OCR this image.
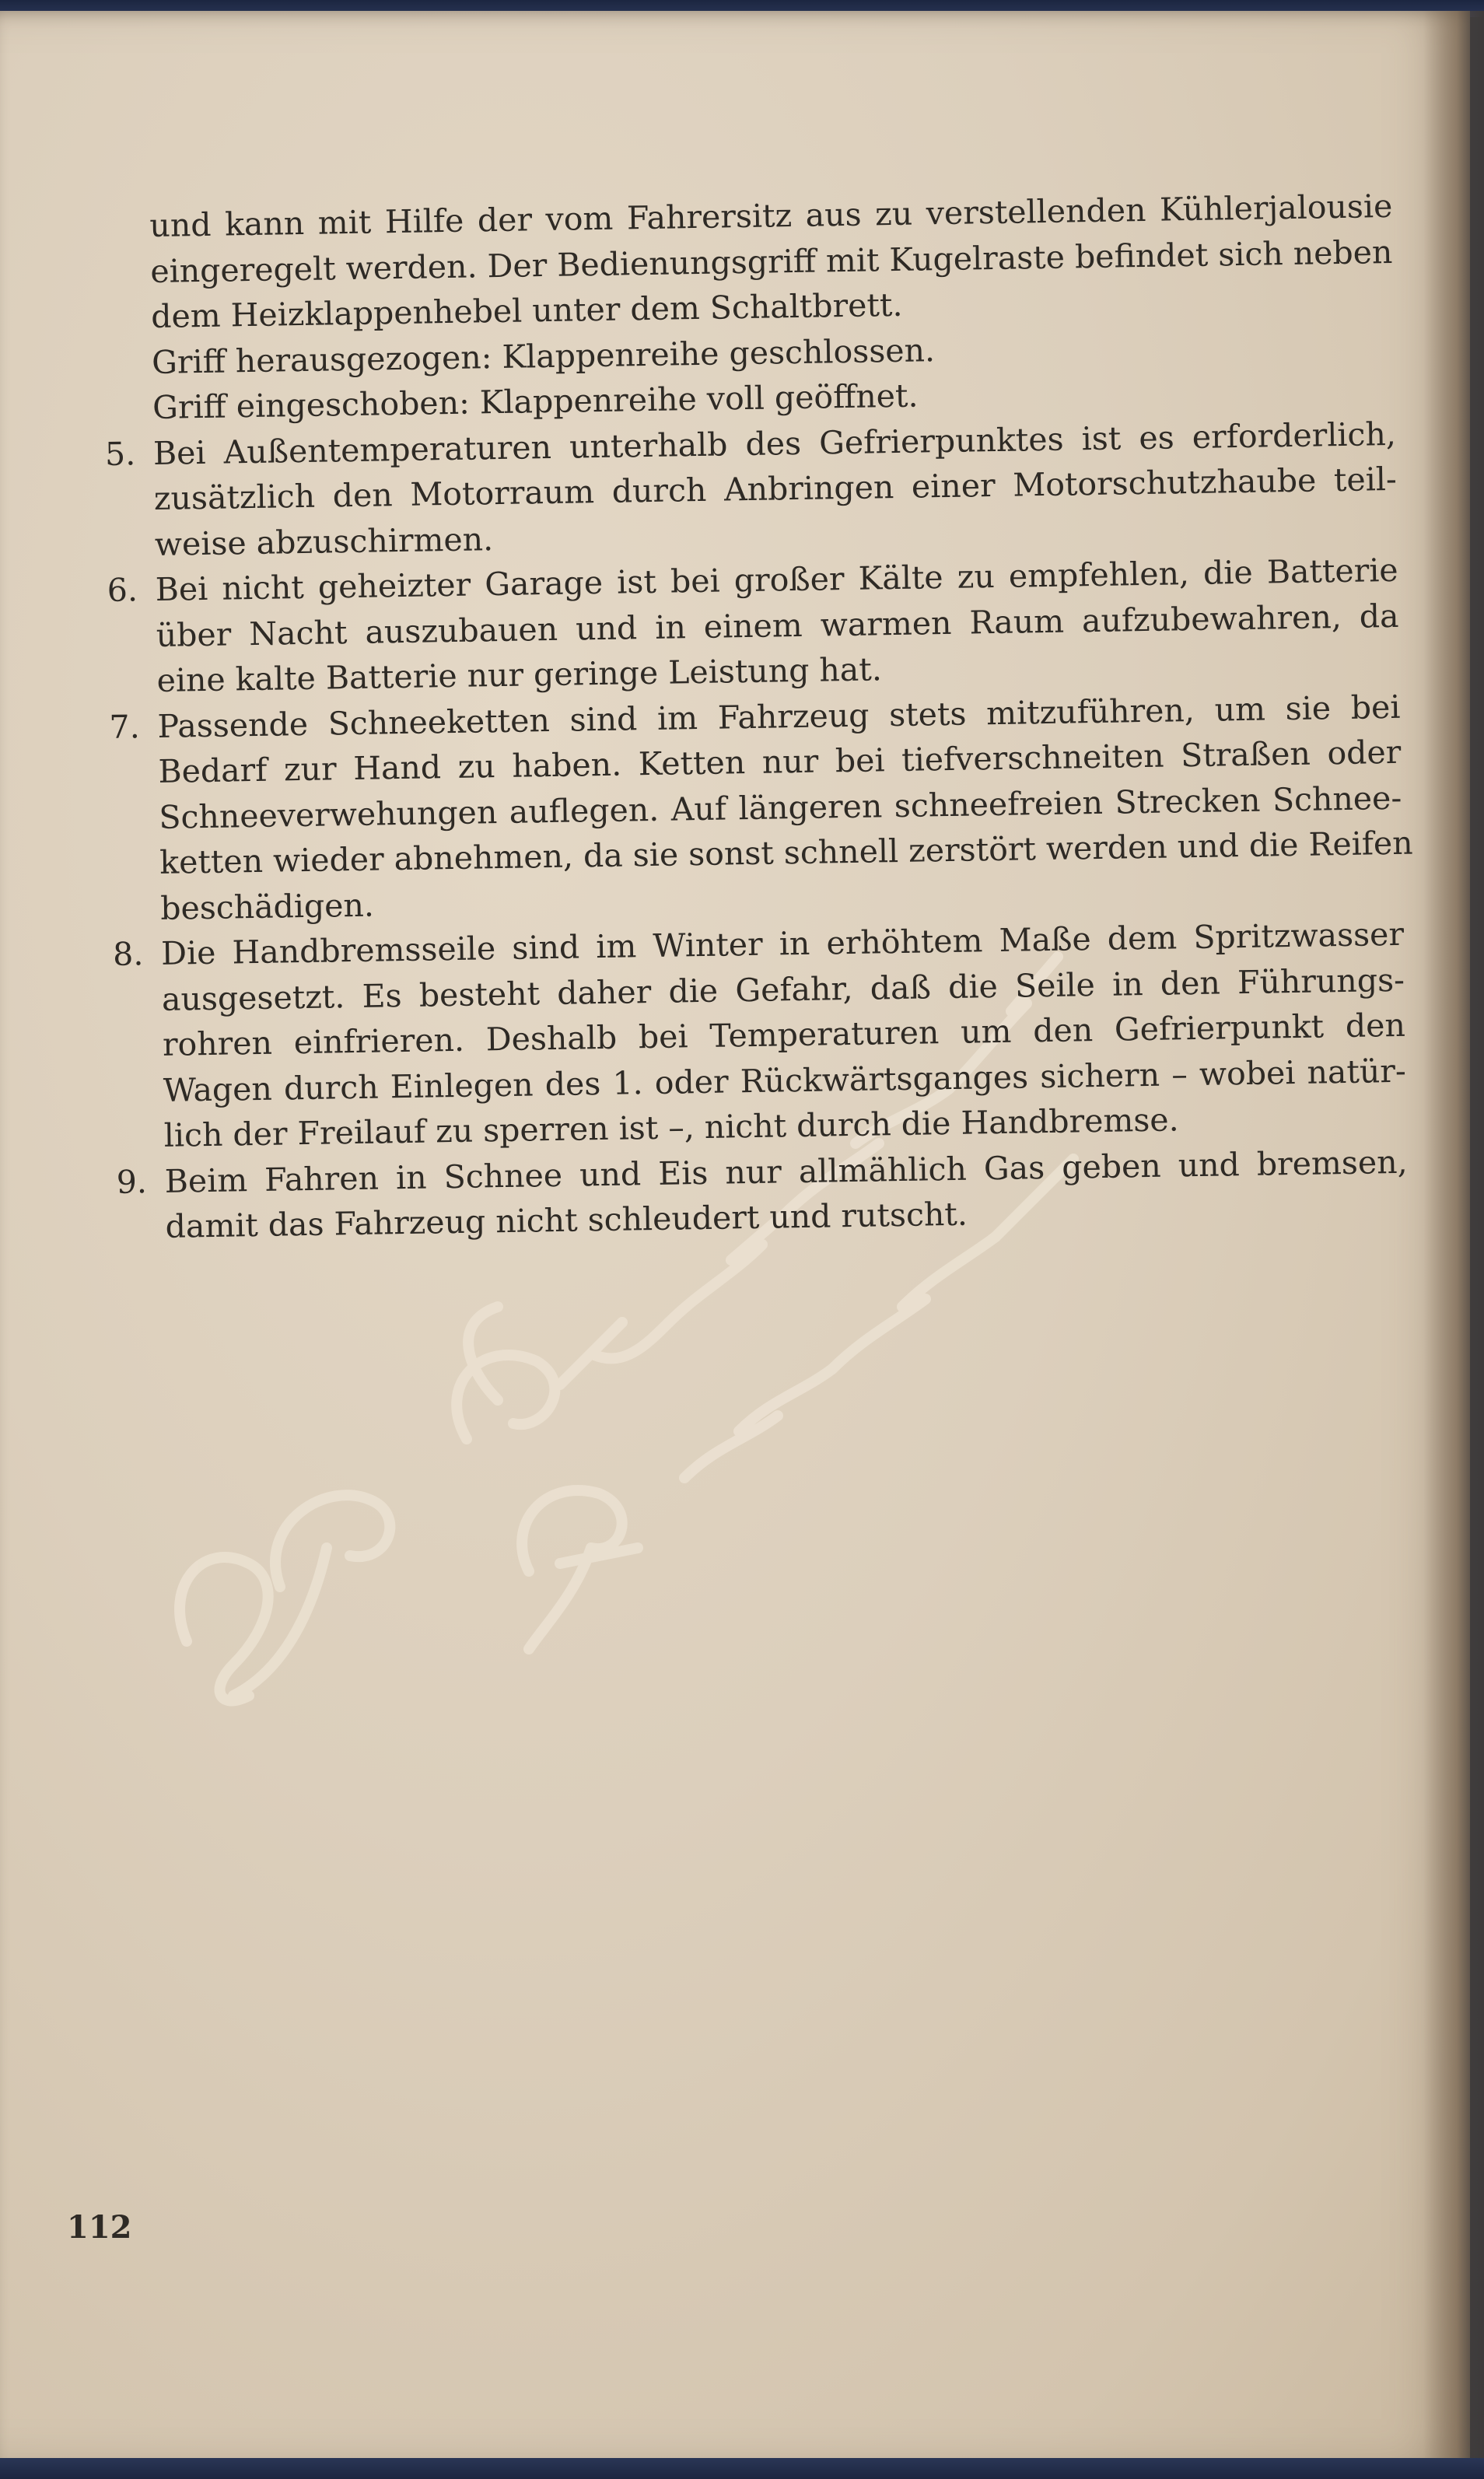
und kann mit Hilfe der vom Fahrersitz aus zu verstellenden Kühlerjalousie
eingeregelt werden. Der Bedienungsgriff mit Kugelraste befindet sich neben
dem Heizklappenhebel unter dem Schaltbrett.
Griff herausgezogen: Klappenreihe geschlossen.
Griff eingeschoben: Klappenreihe voll geöffnet.
5. Bei Außentemperaturen unterhalb des Gefrierpunktes ist es erforderlich,
zusätzlich den Motorraum durch Anbringen einer Motorschutzhaube teil-
weise abzuschirmen.
6. Bei nicht geheizter Garage ist bei großer Kälte zu empfehlen, die Batterie
über Nacht auszubauen und in einem warmen Raum aufzubewahren, da
eine kalte Batterie nur geringe Leistung hat.
7. Passende Schneeketten sind im Fahrzeug stets mitzuführen, um sie bei
Bedarf zur Hand zu haben. Ketten nur bei tiefverschneiten Straßen oder
Schneeverwehungen auflegen. Auf längeren schneefreien Strecken Schnee-
ketten wieder abnehmen, da sie sonst schnell zerstört werden und die Reifen
beschädigen.
8. Die Handbremsseile sind im Winter in erhöhtem Maße dem Spritzwasser
ausgesetzt. Es besteht daher die Gefahr, daß die Seile in den Führungs-
rohren einfrieren. Deshalb bei Temperaturen um den Gefrierpunkt den
Wagen durch Einlegen des 1. oder Rückwärtsganges sichern – wobei natür-
lich der Freilauf zu sperren ist –, nicht durch die Handbremse.
9. Beim Fahren in Schnee und Eis nur allmählich Gas geben und bremsen,
damit das Fahrzeug nicht schleudert und rutscht.
112
